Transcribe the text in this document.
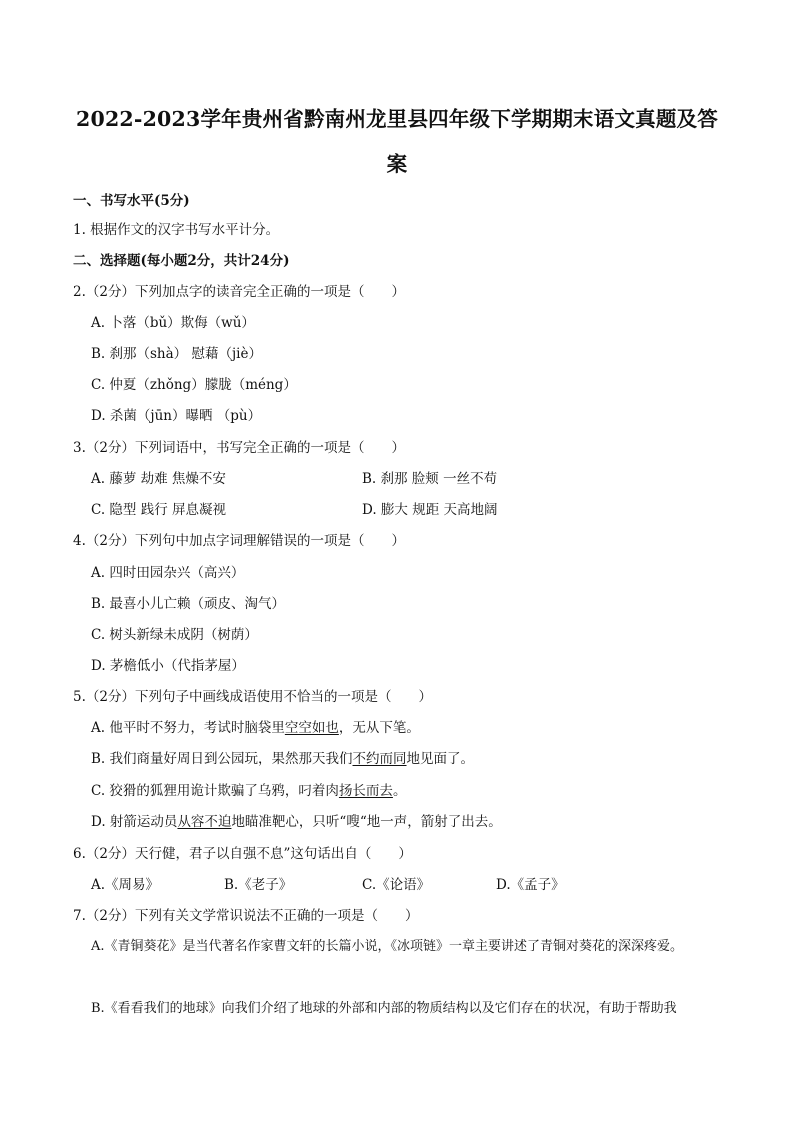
2022-2023学年贵州省黔南州龙里县四年级下学期期末语文真题及答
案
一、书写水平(5分)
1. 根据作文的汉字书写水平计分。
二、选择题(每小题2分，共计24分)
2.（2分）下列加点字的读音完全正确的一项是（　　）
A. 卜落（bǔ）欺侮（wǔ）
B. 刹那（shà） 慰藉（jiè）
C. 仲夏（zhǒng）朦胧（méng）
D. 杀菌（jūn）曝晒 （pù）
3.（2分）下列词语中，书写完全正确的一项是（　　）
A. 藤萝 劫难 焦燥不安	B. 刹那 脸颊 一丝不苟
C. 隐型 践行 屏息凝视	D. 膨大 规距 天高地阔
4.（2分）下列句中加点字词理解错误的一项是（　　）
A. 四时田园杂兴（高兴）
B. 最喜小儿亡赖（顽皮、淘气）
C. 树头新绿未成阴（树荫）
D. 茅檐低小（代指茅屋）
5.（2分）下列句子中画线成语使用不恰当的一项是（　　）
A. 他平时不努力，考试时脑袋里空空如也，无从下笔。
B. 我们商量好周日到公园玩，果然那天我们不约而同地见面了。
C. 狡猾的狐狸用诡计欺骗了乌鸦，叼着肉扬长而去。
D. 射箭运动员从容不迫地瞄准靶心，只听“嗖“地一声，箭射了出去。
6.（2分）天行健，君子以自强不息”这句话出自（　　）
A.《周易》	B.《老子》	C.《论语》	D.《孟子》
7.（2分）下列有关文学常识说法不正确的一项是（　　）
A.《青铜葵花》是当代著名作家曹文轩的长篇小说，《冰项链》一章主要讲述了青铜对葵花的深深疼爱。
B.《看看我们的地球》向我们介绍了地球的外部和内部的物质结构以及它们存在的状况，有助于帮助我
